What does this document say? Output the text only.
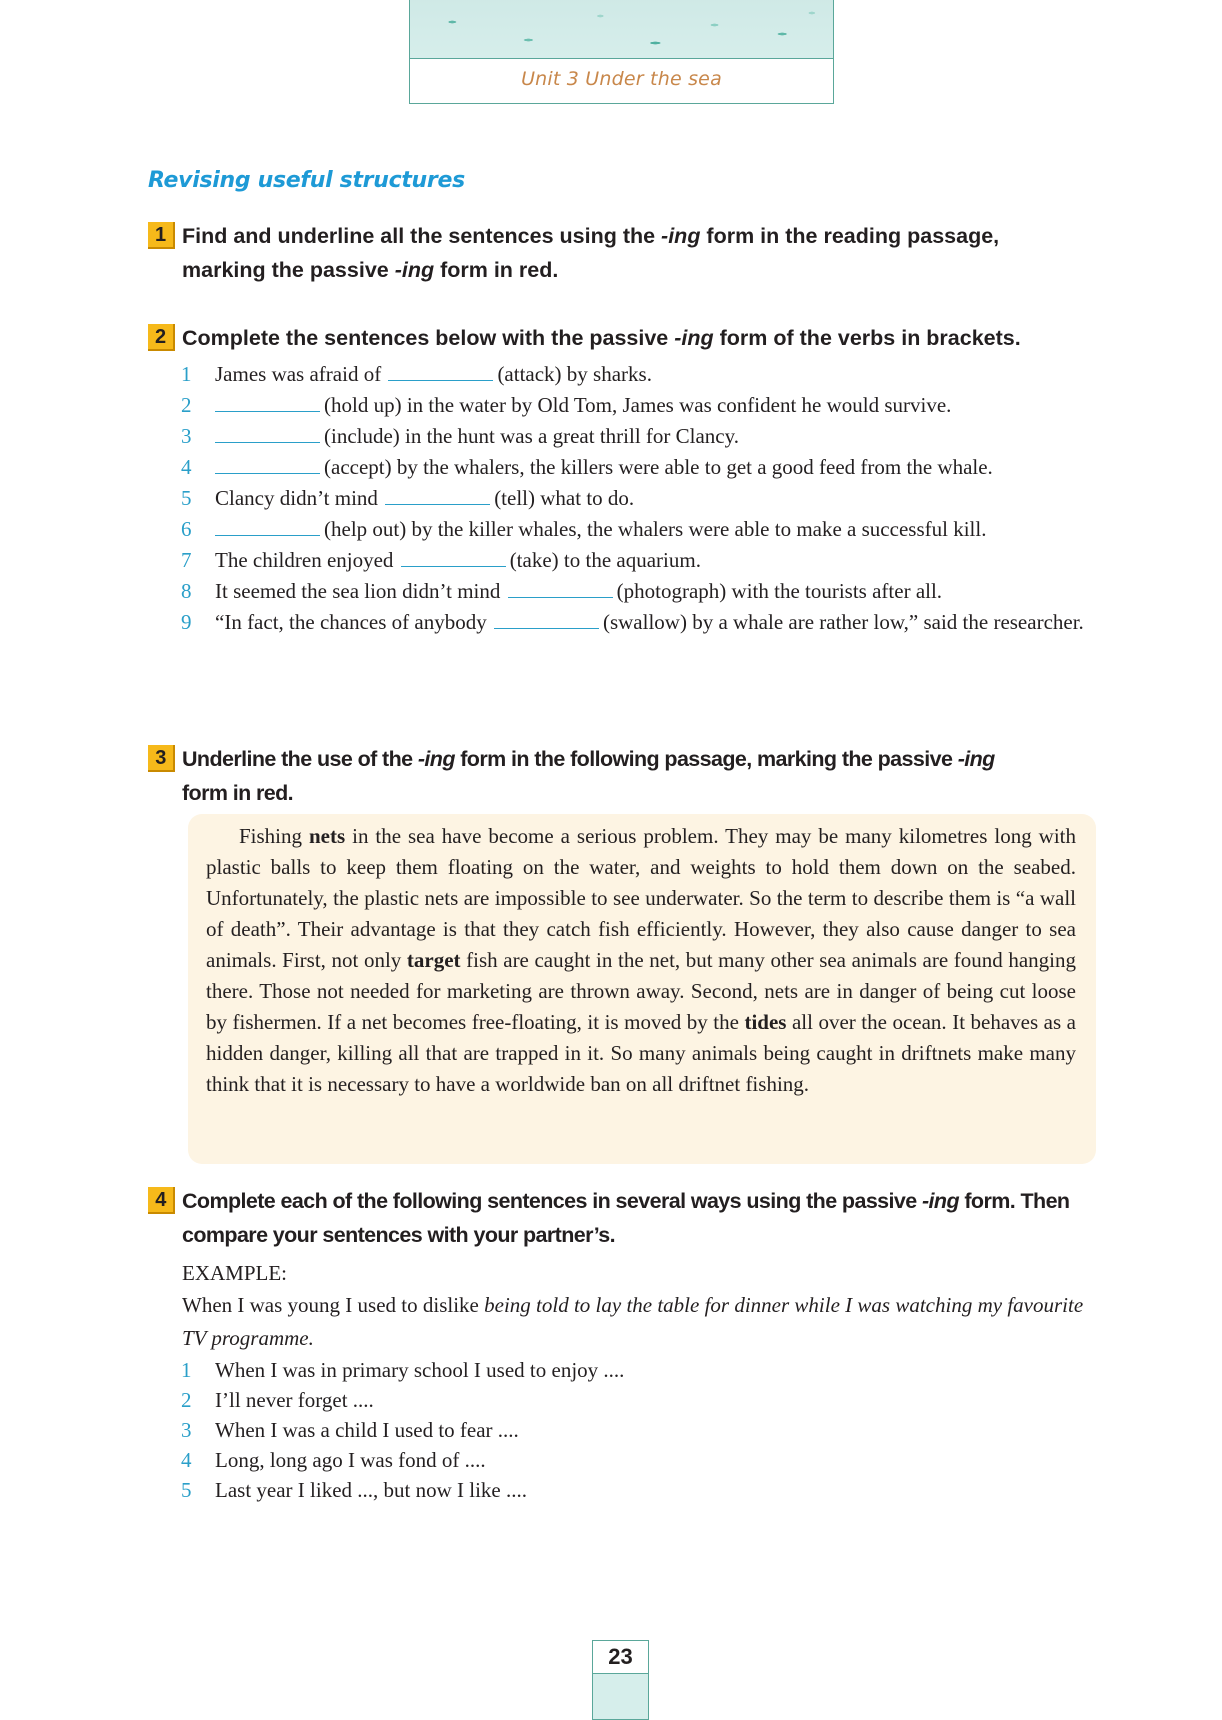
Unit 3 Under the sea
Revising useful structures
1 Find and underline all the sentences using the -ing form in the reading passage,
marking the passive -ing form in red.
2 Complete the sentences below with the passive -ing form of the verbs in brackets.
1	James was afraid of	(attack) by sharks.
2	(hold up) in the water by Old Tom, James was confident he would survive.
3	(include) in the hunt was a great thrill for Clancy.
4	(accept) by the whalers, the killers were able to get a good feed from the whale.
5	Clancy didn’t mind	(tell) what to do.
6	(help out) by the killer whales, the whalers were able to make a successful kill.
7	The children enjoyed	(take) to the aquarium.
8	It seemed the sea lion didn’t mind	(photograph) with the tourists after all.
9	“In fact, the chances of anybody	(swallow) by a whale are rather low,” said the researcher.
3 Underline the use of the -ing form in the following passage, marking the passive -ing
form in red.

Fishing nets in the sea have become a serious problem. They may be many kilometres long with plastic balls to keep them floating on the water, and weights to hold them down on the seabed. Unfortunately, the plastic nets are impossible to see underwater. So the term to describe them is “a wall of death”. Their advantage is that they catch fish efficiently. However, they also cause danger to sea animals. First, not only target fish are caught in the net, but many other sea animals are found hanging there. Those not needed for marketing are thrown away. Second, nets are in danger of being cut loose by fishermen. If a net becomes free-floating, it is moved by the tides all over the ocean. It behaves as a hidden danger, killing all that are trapped in it. So many animals being caught in driftnets make many think that it is necessary to have a worldwide ban on all driftnet fishing.

4 Complete each of the following sentences in several ways using the passive -ing form. Then compare your sentences with your partner’s.
EXAMPLE:
When I was young I used to dislike being told to lay the table for dinner while I was watching my favourite TV programme.
1	When I was in primary school I used to enjoy ....
2	I’ll never forget ....
3	When I was a child I used to fear ....
4	Long, long ago I was fond of ....
5	Last year I liked ..., but now I like ....
23
